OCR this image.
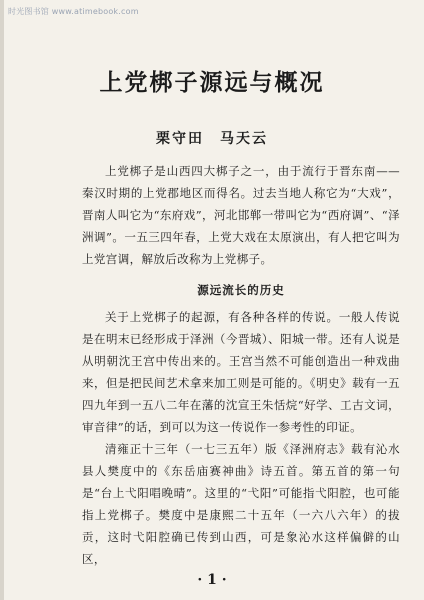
时光图书馆 www.atimebook.com
上党梆子源远与概况
栗守田　马天云

上党梆子是山西四大梆子之一，由于流行于晋东南——秦汉时期的上党郡地区而得名。过去当地人称它为“大戏”，晋南人叫它为“东府戏”，河北邯郸一带叫它为“西府调”、“泽洲调”。一五三四年春，上党大戏在太原演出，有人把它叫为上党宫调，解放后改称为上党梆子。

源远流长的历史

关于上党梆子的起源，有各种各样的传说。一般人传说是在明末已经形成于泽洲（今晋城）、阳城一带。还有人说是从明朝沈王宫中传出来的。王宫当然不可能创造出一种戏曲来，但是把民间艺术拿来加工则是可能的。《明史》载有一五四九年到一五八二年在藩的沈宣王朱恬烷“好学、工古文词，审音律”的话，到可以为这一传说作一参考性的印证。

清雍正十三年（一七三五年）版《泽洲府志》载有沁水县人樊度中的《东岳庙赛神曲》诗五首。第五首的第一句是“台上弋阳唱晚晴”。这里的“弋阳”可能指弋阳腔，也可能指上党梆子。樊度中是康熙二十五年（一六八六年）的拔贡，这时弋阳腔确已传到山西，可是象沁水这样偏僻的山区，

· 1 ·
